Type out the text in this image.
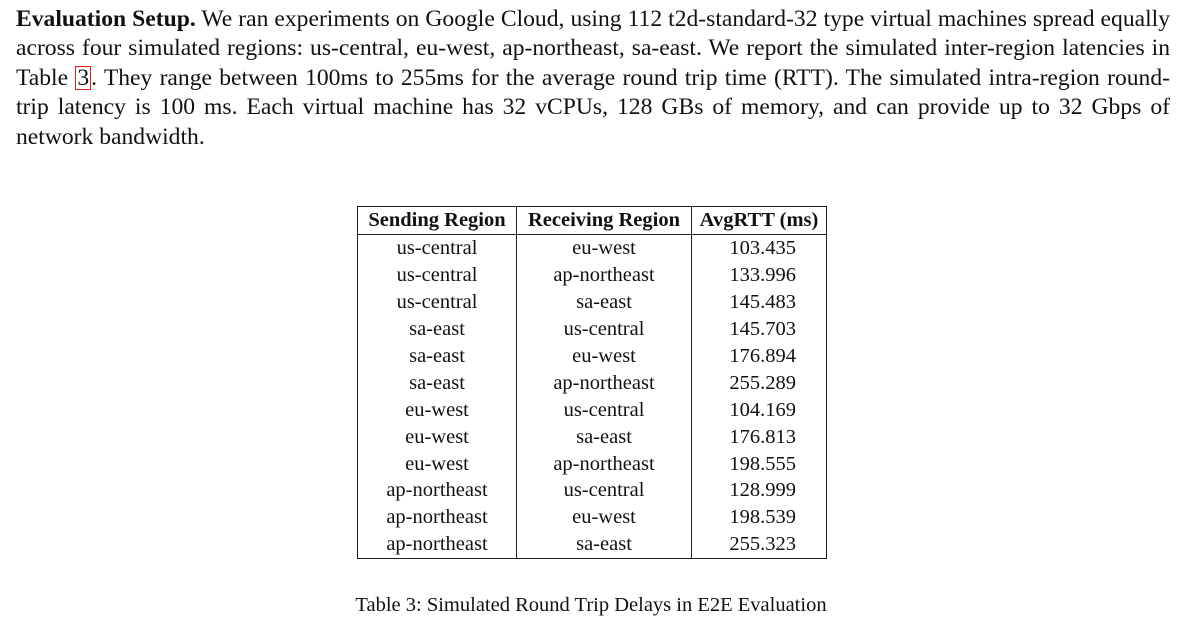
Evaluation Setup. We ran experiments on Google Cloud, using 112 t2d-standard-32 type virtual machines spread equally across four simulated regions: us-central, eu-west, ap-northeast, sa-east. We report the simulated inter-region latencies in Table 3. They range between 100ms to 255ms for the average round trip time (RTT). The simulated intra-region round-trip latency is 100 ms. Each virtual machine has 32 vCPUs, 128 GBs of memory, and can provide up to 32 Gbps of network bandwidth.
Sending Region	Receiving Region	AvgRTT (ms)
us-central	eu-west	103.435
us-central	ap-northeast	133.996
us-central	sa-east	145.483
sa-east	us-central	145.703
sa-east	eu-west	176.894
sa-east	ap-northeast	255.289
eu-west	us-central	104.169
eu-west	sa-east	176.813
eu-west	ap-northeast	198.555
ap-northeast	us-central	128.999
ap-northeast	eu-west	198.539
ap-northeast	sa-east	255.323
Table 3: Simulated Round Trip Delays in E2E Evaluation
